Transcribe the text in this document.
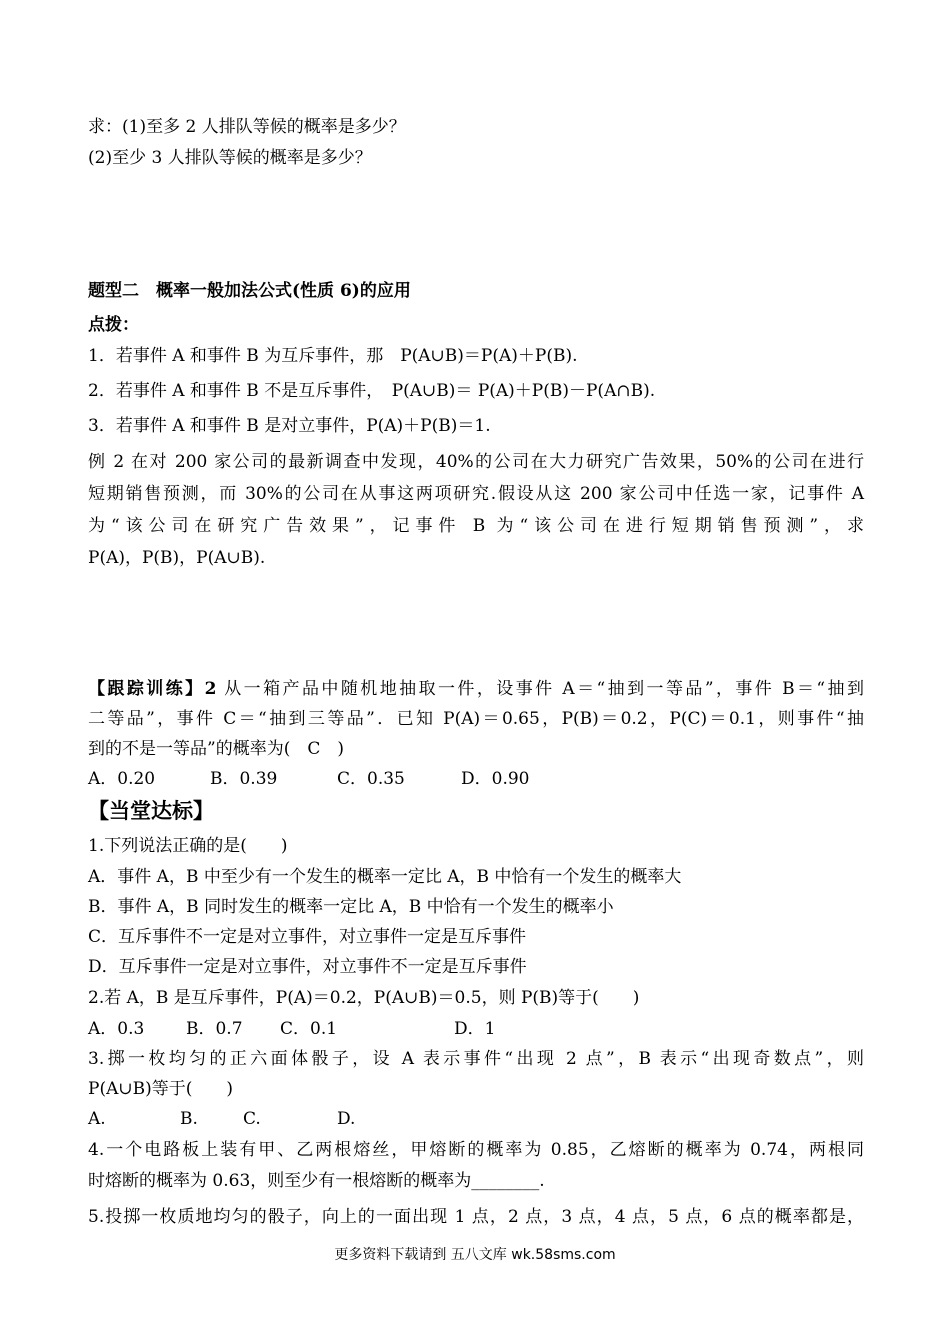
求：(1)至多 2 人排队等候的概率是多少？
(2)至少 3 人排队等候的概率是多少？
题型二　概率一般加法公式(性质 6)的应用
点拨：
1．若事件 A 和事件 B 为互斥事件，那　P(A∪B)＝P(A)＋P(B).
2．若事件 A 和事件 B 不是互斥事件，　P(A∪B)＝ P(A)＋P(B)－P(A∩B).
3．若事件 A 和事件 B 是对立事件，P(A)＋P(B)＝1.
例 2 在对 200 家公司的最新调查中发现，40%的公司在大力研究广告效果，50%的公司在进行
短期销售预测，而 30%的公司在从事这两项研究.假设从这 200 家公司中任选一家，记事件 A
为“该公司在研究广告效果”，记事件 B 为“该公司在进行短期销售预测”，求
P(A)，P(B)，P(A∪B).
【跟踪训练】2 从一箱产品中随机地抽取一件，设事件 A＝“抽到一等品”，事件 B＝“抽到
二等品”，事件 C＝“抽到三等品”．已知 P(A)＝0.65，P(B)＝0.2，P(C)＝0.1，则事件“抽
到的不是一等品”的概率为(　C　)
A．0.20	B．0.39	C．0.35	D．0.90
【当堂达标】
1.下列说法正确的是(　　)
A．事件 A，B 中至少有一个发生的概率一定比 A，B 中恰有一个发生的概率大
B．事件 A，B 同时发生的概率一定比 A，B 中恰有一个发生的概率小
C．互斥事件不一定是对立事件，对立事件一定是互斥事件
D．互斥事件一定是对立事件，对立事件不一定是互斥事件
2.若 A，B 是互斥事件，P(A)＝0.2，P(A∪B)＝0.5，则 P(B)等于(　　)
A．0.3 B．0.7 C．0.1	D．1
3.掷一枚均匀的正六面体骰子，设 A 表示事件“出现 2 点”，B 表示“出现奇数点”，则
P(A∪B)等于(　　)
A.	B.	C.	D.
4.一个电路板上装有甲、乙两根熔丝，甲熔断的概率为 0.85，乙熔断的概率为 0.74，两根同
时熔断的概率为 0.63，则至少有一根熔断的概率为________.
5.投掷一枚质地均匀的骰子，向上的一面出现 1 点，2 点，3 点，4 点，5 点，6 点的概率都是，
更多资料下载请到 五八文库 wk.58sms.com
